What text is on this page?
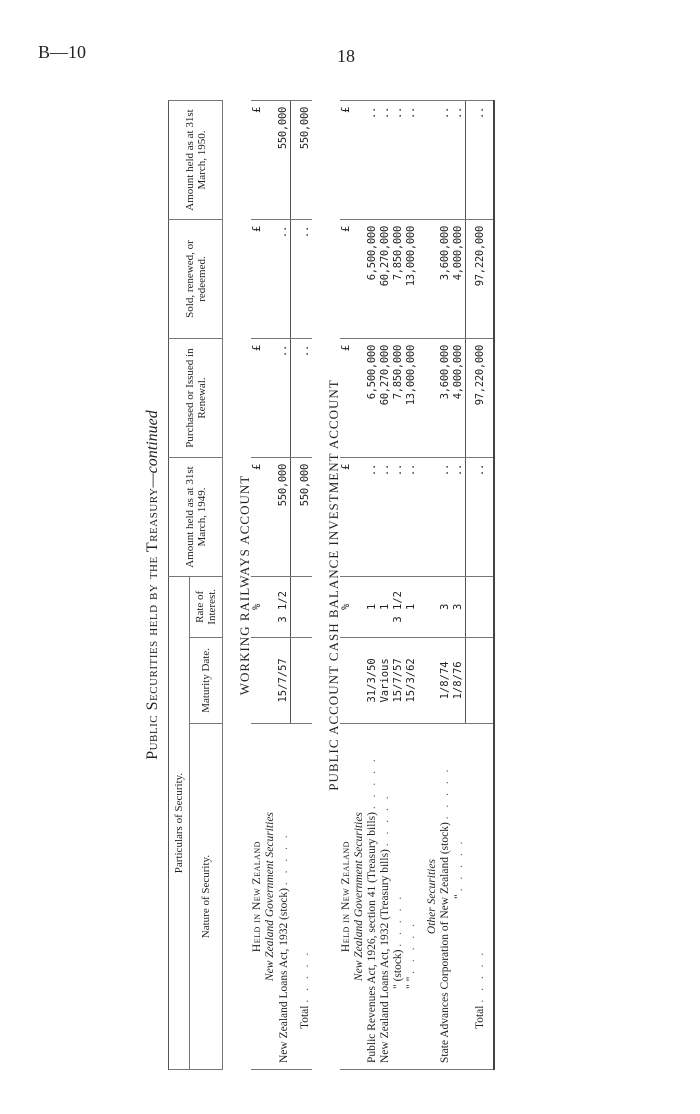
B—10	18
Public Securities held by the Treasury—continued
Particulars of Security.			Amount held as at 31st March, 1949.	Purchased or Issued in Renewal.	Sold, renewed, or redeemed.	Amount held as at 31st March, 1950.
Nature of Security.	Maturity Date.	Rate of Interest.				
WORKING RAILWAYS ACCOUNT						
Held in New Zealand		%	£	£	£	£
New Zealand Government Securities						
New Zealand Loans Act, 1932 (stock) . . . . .	15/7/57	3 1/2	550,000	..	..	550,000
Total . . . . .			550,000	..	..	550,000
PUBLIC ACCOUNT CASH BALANCE INVESTMENT ACCOUNT						
Held in New Zealand		%	£	£	£	£
New Zealand Government Securities						
Public Revenues Act, 1926, section 41 (Treasury bills) . . . . .	31/3/50	1	..	6,500,000	6,500,000	..
New Zealand Loans Act, 1932 (Treasury bills) . . . . .	Various	1	..	60,270,000	60,270,000	..
" (stock) . . . . .	15/7/57	3 1/2	..	7,850,000	7,850,000	..
" " . . . . .	15/3/62	1	..	13,000,000	13,000,000	..
Other Securities						
State Advances Corporation of New Zealand (stock) . . . . .	1/8/74	3	..	3,600,000	3,600,000	..
" . . . . .	1/8/76	3	..	4,000,000	4,000,000	..
Total . . . . .			..	97,220,000	97,220,000	..
